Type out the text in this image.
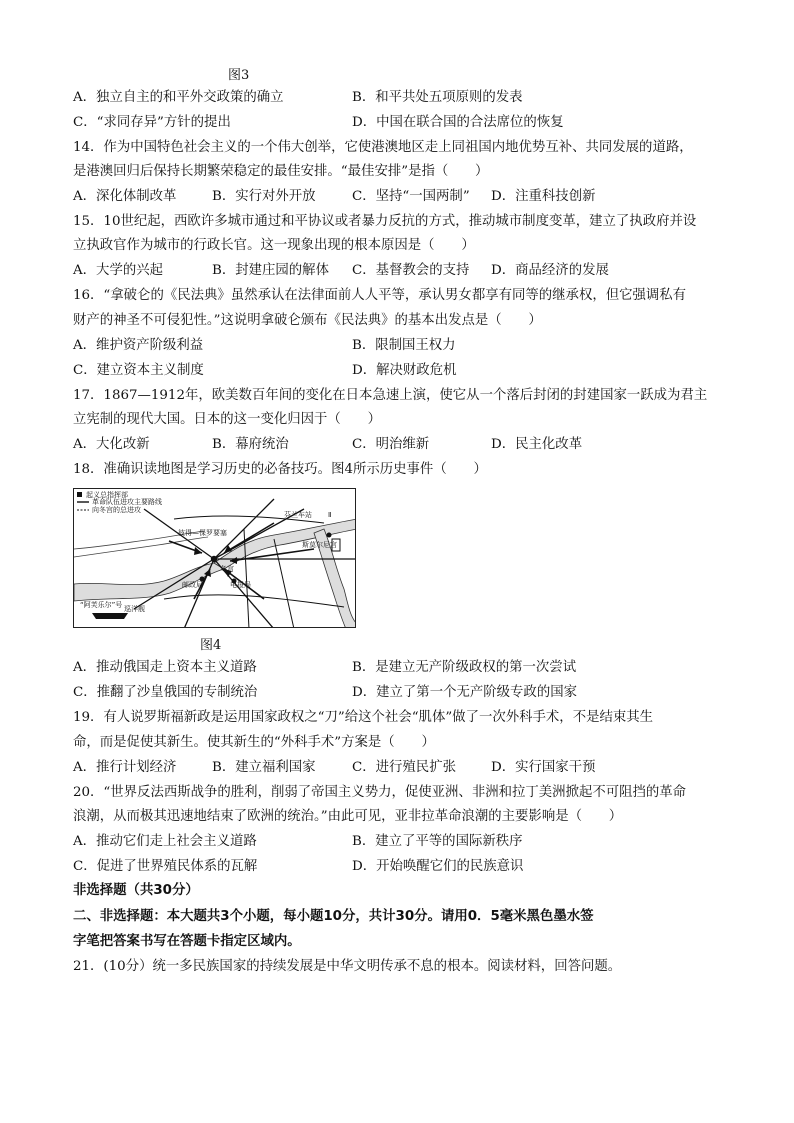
图3
A．独立自主的和平外交政策的确立	B．和平共处五项原则的发表
C．“求同存异”方针的提出	D．中国在联合国的合法席位的恢复
14．作为中国特色社会主义的一个伟大创举，它使港澳地区走上同祖国内地优势互补、共同发展的道路，
是港澳回归后保持长期繁荣稳定的最佳安排。“最佳安排”是指（　　）
A．深化体制改革	B．实行对外开放	C．坚持“一国两制” D．注重科技创新
15．10世纪起，西欧许多城市通过和平协议或者暴力反抗的方式，推动城市制度变革，建立了执政府并设
立执政官作为城市的行政长官。这一现象出现的根本原因是（　　）
A．大学的兴起	B．封建庄园的解体 C．基督教会的支持 D．商品经济的发展
16．“拿破仑的《民法典》虽然承认在法律面前人人平等，承认男女都享有同等的继承权，但它强调私有
财产的神圣不可侵犯性。”这说明拿破仑颁布《民法典》的基本出发点是（　　）
A．维护资产阶级利益	B．限制国王权力
C．建立资本主义制度	D．解决财政危机
17．1867—1912年，欧美数百年间的变化在日本急速上演，使它从一个落后封闭的封建国家一跃成为君主
立宪制的现代大国。日本的这一变化归因于（　　）
A．大化改新	B．幕府统治	C．明治维新	D．民主化改革
18．准确识读地图是学习历史的必备技巧。图4所示历史事件（　　）
起义总指挥部
革命队伍进攻主要路线
向冬宫的总进攻
彼得—保罗要塞
芬兰车站 Ⅱ
斯莫尔尼宫
冬宫
邮政局	电报局
“阿芙乐尔”号 巡洋舰
图4
A．推动俄国走上资本主义道路	B．是建立无产阶级政权的第一次尝试
C．推翻了沙皇俄国的专制统治	D．建立了第一个无产阶级专政的国家
19．有人说罗斯福新政是运用国家政权之“刀”给这个社会“肌体”做了一次外科手术，不是结束其生
命，而是促使其新生。使其新生的“外科手术”方案是（　　）
A．推行计划经济	B．建立福利国家	C．进行殖民扩张	D．实行国家干预
20．“世界反法西斯战争的胜利，削弱了帝国主义势力，促使亚洲、非洲和拉丁美洲掀起不可阻挡的革命
浪潮，从而极其迅速地结束了欧洲的统治。”由此可见，亚非拉革命浪潮的主要影响是（　　）
A．推动它们走上社会主义道路	B．建立了平等的国际新秩序
C．促进了世界殖民体系的瓦解	D．开始唤醒它们的民族意识
非选择题（共30分）
二、非选择题：本大题共3个小题，每小题10分，共计30分。请用0．5毫米黑色墨水签
字笔把答案书写在答题卡指定区域内。
21．(10分）统一多民族国家的持续发展是中华文明传承不息的根本。阅读材料，回答问题。
